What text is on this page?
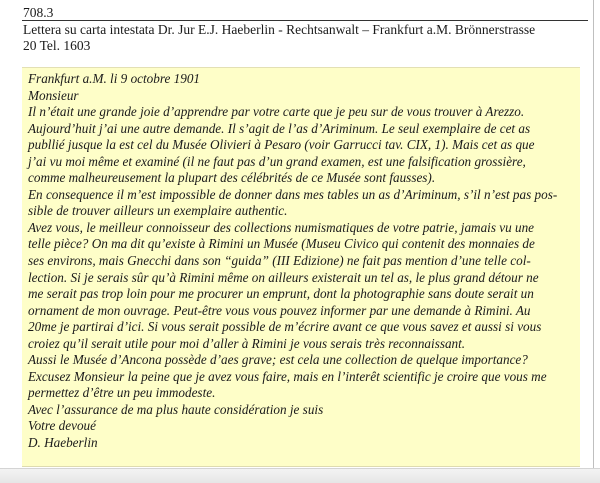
708.3
Lettera su carta intestata Dr. Jur E.J. Haeberlin - Rechtsanwalt – Frankfurt a.M. Brönnerstrasse
20 Tel. 1603
Frankfurt a.M. li 9 octobre 1901
Monsieur
Il n’était une grande joie d’apprendre par votre carte que je peu sur de vous trouver à Arezzo.
Aujourd’huit j’ai une autre demande. Il s’agit de l’as d’Ariminum. Le seul exemplaire de cet as
publlié jusque la est cel du Musée Olivieri à Pesaro (voir Garrucci tav. CIX, 1). Mais cet as que
j’ai vu moi même et examiné (il ne faut pas d’un grand examen, est une falsification grossière,
comme malheureusement la plupart des célébrités de ce Musée sont fausses).
En consequence il m’est impossible de donner dans mes tables un as d’Ariminum, s’il n’est pas pos-
sible de trouver ailleurs un exemplaire authentic.
Avez vous, le meilleur connoisseur des collections numismatiques de votre patrie, jamais vu une
telle pièce? On ma dit qu’existe à Rimini un Musée (Museu Civico qui contenit des monnaies de
ses environs, mais Gnecchi dans son “guida” (III Edizione) ne fait pas mention d’une telle col-
lection. Si je serais sûr qu’à Rimini même on ailleurs existerait un tel as, le plus grand détour ne
me serait pas trop loin pour me procurer un emprunt, dont la photographie sans doute serait un
ornament de mon ouvrage. Peut-être vous vous pouvez informer par une demande à Rimini. Au
20me je partirai d’ici. Si vous serait possible de m’écrire avant ce que vous savez et aussi si vous
croiez qu’il serait utile pour moi d’aller à Rimini je vous serais très reconnaissant.
Aussi le Musée d’Ancona possède d’aes grave; est cela une collection de quelque importance?
Excusez Monsieur la peine que je avez vous faire, mais en l’interêt scientific je croire que vous me
permettez d’être un peu immodeste.
Avec l’assurance de ma plus haute considération je suis
Votre devoué
D. Haeberlin
